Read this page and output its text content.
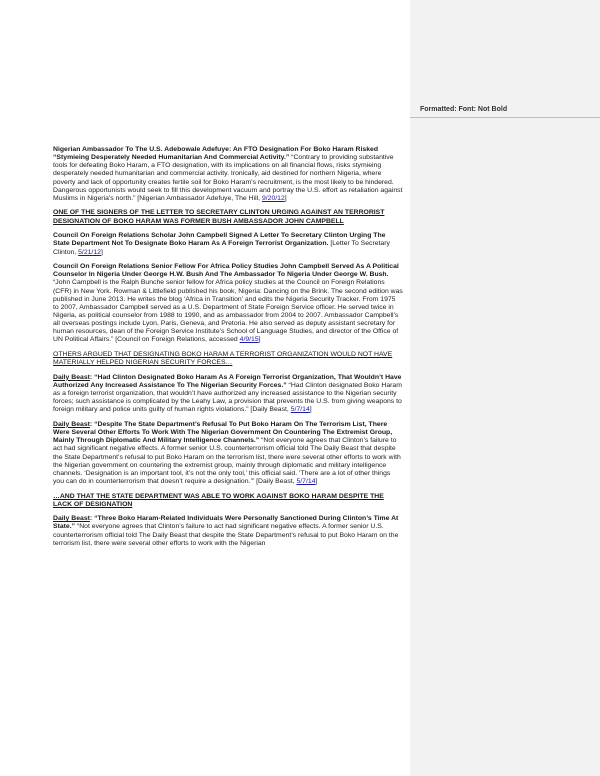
Formatted: Font: Not Bold

Nigerian Ambassador To The U.S. Adebowale Adefuye: An FTO Designation For Boko Haram Risked “Stymieing Desperately Needed Humanitarian And Commercial Activity.” “Contrary to providing substantive tools for defeating Boko Haram, a FTO designation, with its implications on all financial flows, risks stymieing desperately needed humanitarian and commercial activity. Ironically, aid destined for northern Nigeria, where poverty and lack of opportunity creates fertile soil for Boko Haram’s recruitment, is the most likely to be hindered. Dangerous opportunists would seek to fill this development vacuum and portray the U.S. effort as retaliation against Muslims in Nigeria’s north.” [Nigerian Ambassador Adefuye, The Hill, 9/20/12]

ONE OF THE SIGNERS OF THE LETTER TO SECRETARY CLINTON URGING AGAINST AN TERRORIST DESIGNATION OF BOKO HARAM WAS FORMER BUSH AMBASSADOR JOHN CAMPBELL

Council On Foreign Relations Scholar John Campbell Signed A Letter To Secretary Clinton Urging The State Department Not To Designate Boko Haram As A Foreign Terrorist Organization. [Letter To Secretary Clinton, 5/21/12]

Council On Foreign Relations Senior Fellow For Africa Policy Studies John Campbell Served As A Political Counselor In Nigeria Under George H.W. Bush And The Ambassador To Nigeria Under George W. Bush. “John Campbell is the Ralph Bunche senior fellow for Africa policy studies at the Council on Foreign Relations (CFR) in New York. Rowman & Littlefield published his book, Nigeria: Dancing on the Brink. The second edition was published in June 2013. He writes the blog ‘Africa in Transition’ and edits the Nigeria Security Tracker. From 1975 to 2007, Ambassador Campbell served as a U.S. Department of State Foreign Service officer. He served twice in Nigeria, as political counselor from 1988 to 1990, and as ambassador from 2004 to 2007. Ambassador Campbell’s all overseas postings include Lyon, Paris, Geneva, and Pretoria. He also served as deputy assistant secretary for human resources, dean of the Foreign Service Institute’s School of Language Studies, and director of the Office of UN Political Affairs.” [Council on Foreign Relations, accessed 4/9/15]

OTHERS ARGUED THAT DESIGNATING BOKO HARAM A TERRORIST ORGANIZATION WOULD NOT HAVE MATERIALLY HELPED NIGERIAN SECURITY FORCES…

Daily Beast: “Had Clinton Designated Boko Haram As A Foreign Terrorist Organization, That Wouldn’t Have Authorized Any Increased Assistance To The Nigerian Security Forces.” “Had Clinton designated Boko Haram as a foreign terrorist organization, that wouldn’t have authorized any increased assistance to the Nigerian security forces; such assistance is complicated by the Leahy Law, a provision that prevents the U.S. from giving weapons to foreign military and police units guilty of human rights violations.” [Daily Beast, 5/7/14]

Daily Beast: “Despite The State Department’s Refusal To Put Boko Haram On The Terrorism List, There Were Several Other Efforts To Work With The Nigerian Government On Countering The Extremist Group, Mainly Through Diplomatic And Military Intelligence Channels.” “Not everyone agrees that Clinton’s failure to act had significant negative effects. A former senior U.S. counterterrorism official told The Daily Beast that despite the State Department’s refusal to put Boko Haram on the terrorism list, there were several other efforts to work with the Nigerian government on countering the extremist group, mainly through diplomatic and military intelligence channels. ‘Designation is an important tool, it’s not the only tool,’ this official said. ‘There are a lot of other things you can do in counterterrorism that doesn’t require a designation.’” [Daily Beast, 5/7/14]

…AND THAT THE STATE DEPARTMENT WAS ABLE TO WORK AGAINST BOKO HARAM DESPITE THE LACK OF DESIGNATION

Daily Beast: “Three Boko Haram-Related Individuals Were Personally Sanctioned During Clinton’s Time At State.” “Not everyone agrees that Clinton’s failure to act had significant negative effects. A former senior U.S. counterterrorism official told The Daily Beast that despite the State Department’s refusal to put Boko Haram on the terrorism list, there were several other efforts to work with the Nigerian
